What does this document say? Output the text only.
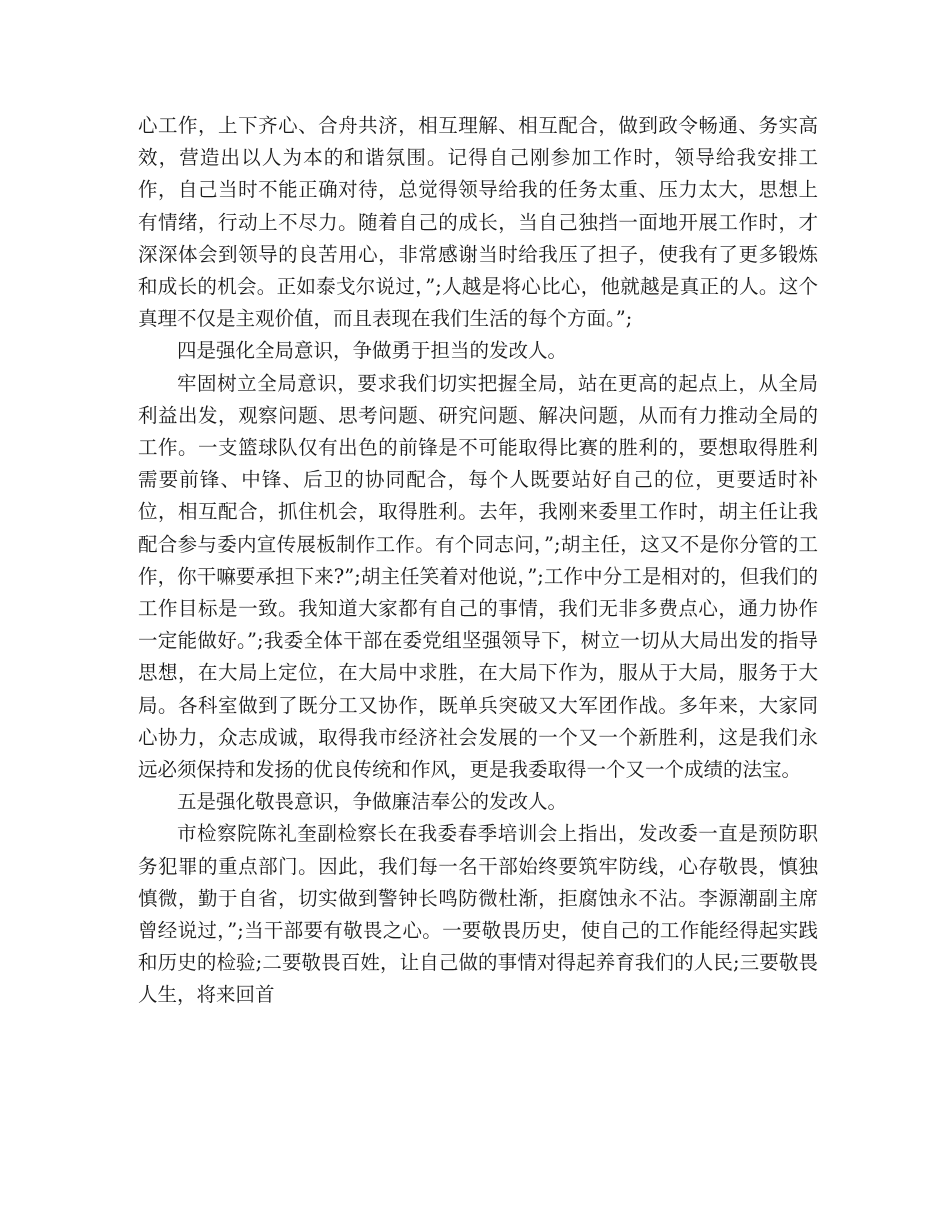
心工作，上下齐心、合舟共济，相互理解、相互配合，做到政令畅通、务实高效，营造出以人为本的和谐氛围。记得自己刚参加工作时，领导给我安排工作，自己当时不能正确对待，总觉得领导给我的任务太重、压力太大，思想上有情绪，行动上不尽力。随着自己的成长，当自己独挡一面地开展工作时，才深深体会到领导的良苦用心，非常感谢当时给我压了担子，使我有了更多锻炼和成长的机会。正如泰戈尔说过，”;人越是将心比心，他就越是真正的人。这个真理不仅是主观价值，而且表现在我们生活的每个方面。”;

四是强化全局意识，争做勇于担当的发改人。

牢固树立全局意识，要求我们切实把握全局，站在更高的起点上，从全局利益出发，观察问题、思考问题、研究问题、解决问题，从而有力推动全局的工作。一支篮球队仅有出色的前锋是不可能取得比赛的胜利的，要想取得胜利需要前锋、中锋、后卫的协同配合，每个人既要站好自己的位，更要适时补位，相互配合，抓住机会，取得胜利。去年，我刚来委里工作时，胡主任让我配合参与委内宣传展板制作工作。有个同志问，”;胡主任，这又不是你分管的工作，你干嘛要承担下来?”;胡主任笑着对他说，”;工作中分工是相对的，但我们的工作目标是一致。我知道大家都有自己的事情，我们无非多费点心，通力协作一定能做好。”;我委全体干部在委党组坚强领导下，树立一切从大局出发的指导思想，在大局上定位，在大局中求胜，在大局下作为，服从于大局，服务于大局。各科室做到了既分工又协作，既单兵突破又大军团作战。多年来，大家同心协力，众志成诚，取得我市经济社会发展的一个又一个新胜利，这是我们永远必须保持和发扬的优良传统和作风，更是我委取得一个又一个成绩的法宝。

五是强化敬畏意识，争做廉洁奉公的发改人。

市检察院陈礼奎副检察长在我委春季培训会上指出，发改委一直是预防职务犯罪的重点部门。因此，我们每一名干部始终要筑牢防线，心存敬畏，慎独慎微，勤于自省，切实做到警钟长鸣防微杜渐，拒腐蚀永不沾。李源潮副主席曾经说过，”;当干部要有敬畏之心。一要敬畏历史，使自己的工作能经得起实践和历史的检验;二要敬畏百姓，让自己做的事情对得起养育我们的人民;三要敬畏人生，将来回首
